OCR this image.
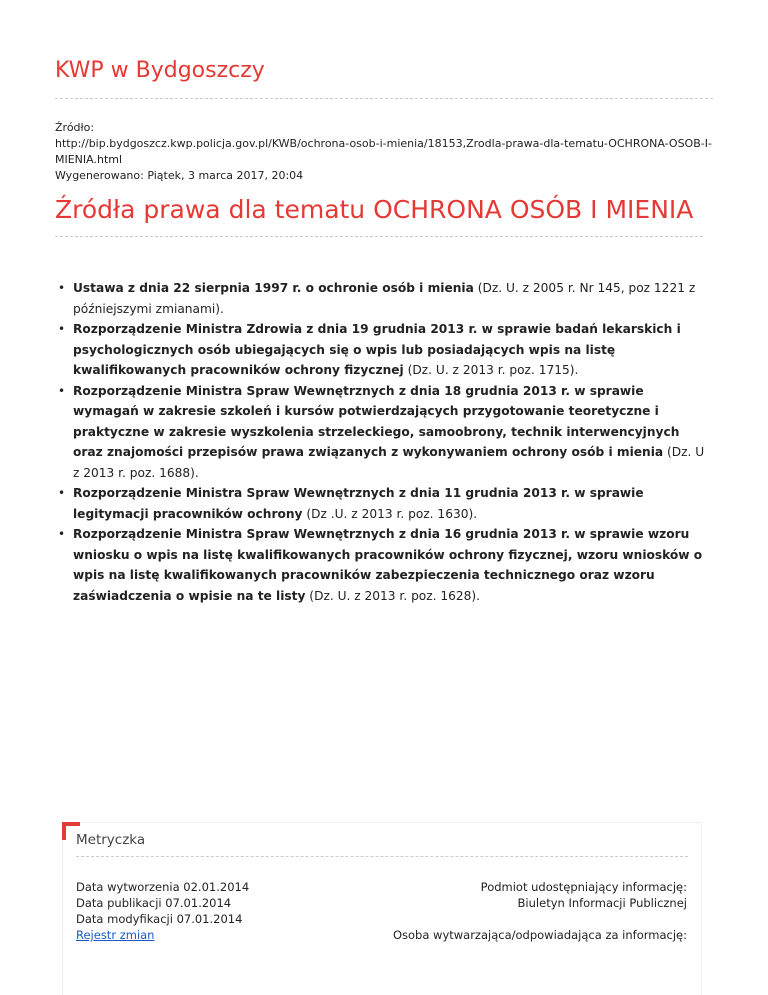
KWP w Bydgoszczy
Źródło:
http://bip.bydgoszcz.kwp.policja.gov.pl/KWB/ochrona-osob-i-mienia/18153,Zrodla-prawa-dla-tematu-OCHRONA-OSOB-I-MIENIA.html
Wygenerowano: Piątek, 3 marca 2017, 20:04
Źródła prawa dla tematu OCHRONA OSÓB I MIENIA
• Ustawa z dnia 22 sierpnia 1997 r. o ochronie osób i mienia (Dz. U. z 2005 r. Nr 145, poz 1221 z późniejszymi zmianami).
• Rozporządzenie Ministra Zdrowia z dnia 19 grudnia 2013 r. w sprawie badań lekarskich i psychologicznych osób ubiegających się o wpis lub posiadających wpis na listę kwalifikowanych pracowników ochrony fizycznej (Dz. U. z 2013 r. poz. 1715).
• Rozporządzenie Ministra Spraw Wewnętrznych z dnia 18 grudnia 2013 r. w sprawie wymagań w zakresie szkoleń i kursów potwierdzających przygotowanie teoretyczne i praktyczne w zakresie wyszkolenia strzeleckiego, samoobrony, technik interwencyjnych oraz znajomości przepisów prawa związanych z wykonywaniem ochrony osób i mienia (Dz. U z 2013 r. poz. 1688).
• Rozporządzenie Ministra Spraw Wewnętrznych z dnia 11 grudnia 2013 r. w sprawie legitymacji pracowników ochrony (Dz .U. z 2013 r. poz. 1630).
• Rozporządzenie Ministra Spraw Wewnętrznych z dnia 16 grudnia 2013 r. w sprawie wzoru wniosku o wpis na listę kwalifikowanych pracowników ochrony fizycznej, wzoru wniosków o wpis na listę kwalifikowanych pracowników zabezpieczenia technicznego oraz wzoru zaświadczenia o wpisie na te listy (Dz. U. z 2013 r. poz. 1628).
Metryczka
Data wytworzenia 02.01.2014
Data publikacji 07.01.2014
Data modyfikacji 07.01.2014
Rejestr zmian
Podmiot udostępniający informację:
Biuletyn Informacji Publicznej
Osoba wytwarzająca/odpowiadająca za informację:
